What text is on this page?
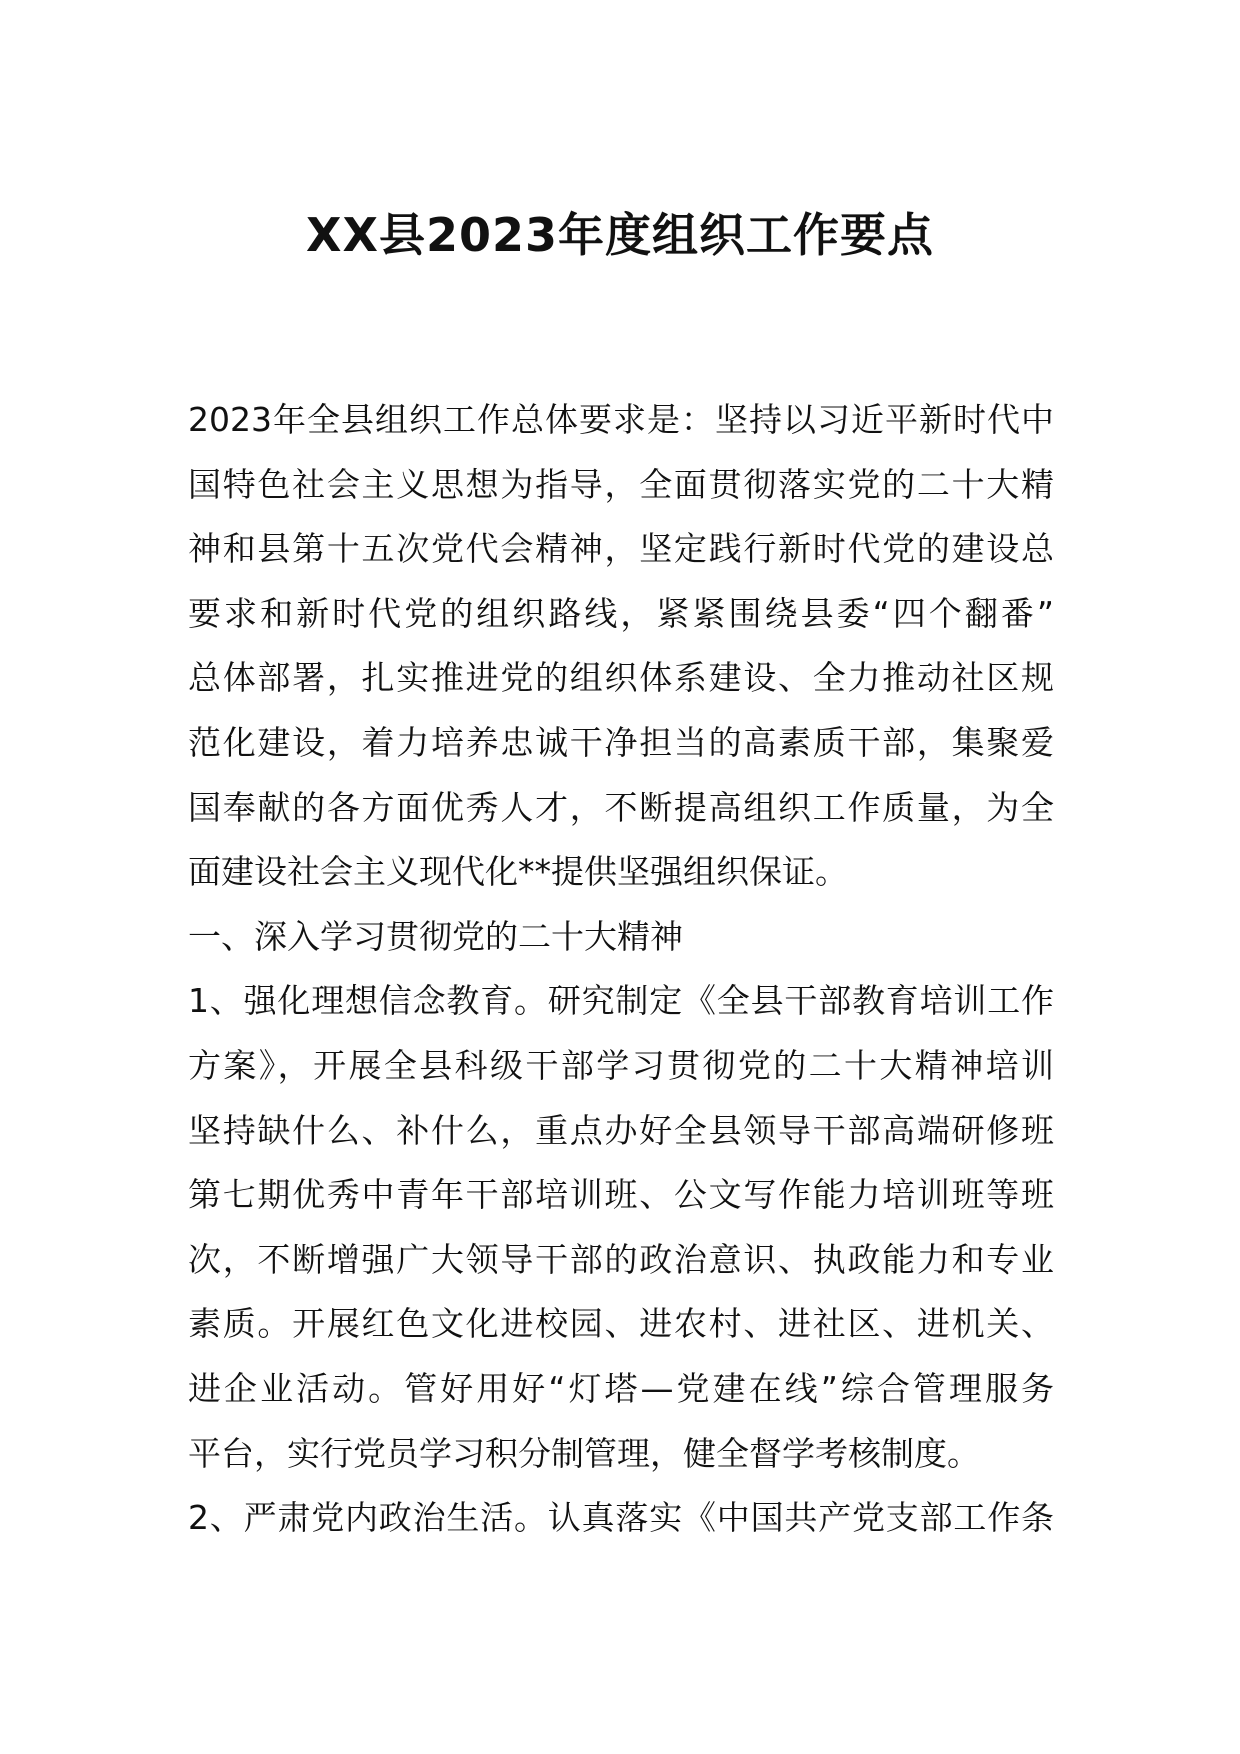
XX县2023年度组织工作要点
2023年全县组织工作总体要求是：坚持以习近平新时代中
国特色社会主义思想为指导，全面贯彻落实党的二十大精
神和县第十五次党代会精神，坚定践行新时代党的建设总
要求和新时代党的组织路线，紧紧围绕县委“四个翻番”
总体部署，扎实推进党的组织体系建设、全力推动社区规
范化建设，着力培养忠诚干净担当的高素质干部，集聚爱
国奉献的各方面优秀人才，不断提高组织工作质量，为全
面建设社会主义现代化**提供坚强组织保证。
一、深入学习贯彻党的二十大精神
1、强化理想信念教育。研究制定《全县干部教育培训工作
方案》，开展全县科级干部学习贯彻党的二十大精神培训
坚持缺什么、补什么，重点办好全县领导干部高端研修班
第七期优秀中青年干部培训班、公文写作能力培训班等班
次，不断增强广大领导干部的政治意识、执政能力和专业
素质。开展红色文化进校园、进农村、进社区、进机关、
进企业活动。管好用好“灯塔—党建在线”综合管理服务
平台，实行党员学习积分制管理，健全督学考核制度。
2、严肃党内政治生活。认真落实《中国共产党支部工作条
